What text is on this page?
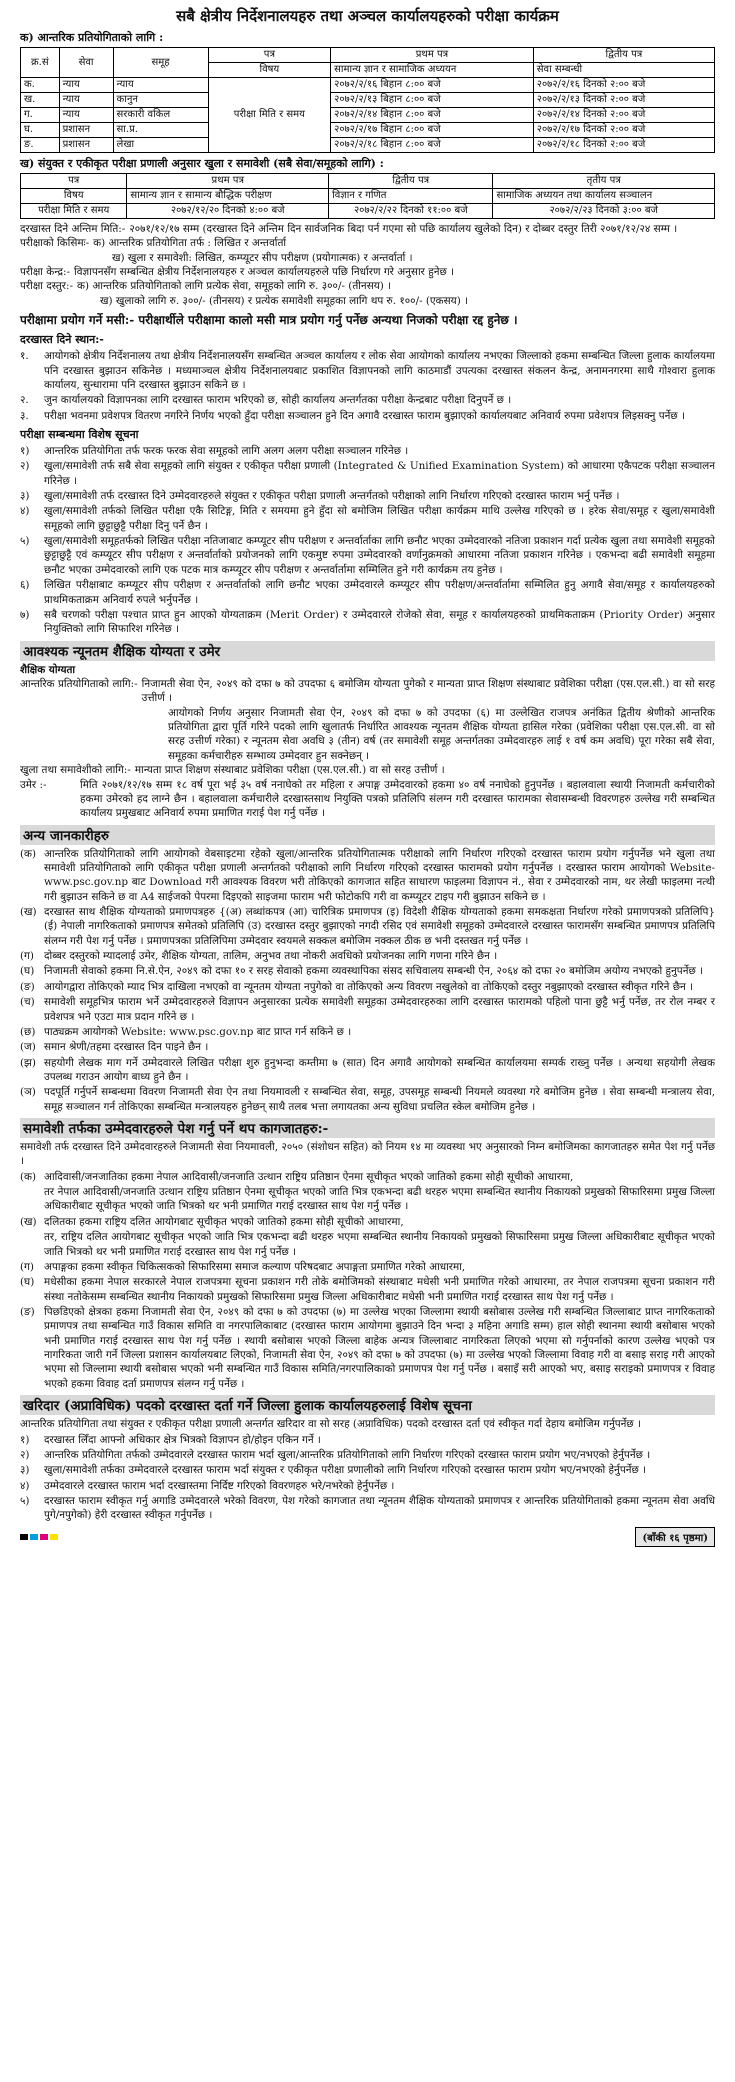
सबै क्षेत्रीय निर्देशनालयहरु तथा अञ्चल कार्यालयहरुको परीक्षा कार्यक्रम
क) आन्तरिक प्रतियोगिताको लागि :
क्र.सं	सेवा	समूह	पत्र	प्रथम पत्र	द्वितीय पत्र
			विषय	सामान्य ज्ञान र सामाजिक अध्ययन	सेवा सम्बन्धी
क.	न्याय	न्याय	परीक्षा मिति र समय	२०७२/२/१६ बिहान ८:०० बजे	२०७२/२/१६ दिनको २:०० बजे
ख.	न्याय	कानुन		२०७२/२/१३ बिहान ८:०० बजे	२०७२/२/१३ दिनको २:०० बजे
ग.	न्याय	सरकारी वकिल		२०७२/२/१४ बिहान ८:०० बजे	२०७२/२/१४ दिनको २:०० बजे
घ.	प्रशासन	सा.प्र.		२०७२/२/१७ बिहान ८:०० बजे	२०७२/२/१७ दिनको २:०० बजे
ङ.	प्रशासन	लेखा		२०७२/२/१८ बिहान ८:०० बजे	२०७२/२/१८ दिनको २:०० बजे
ख) संयुक्त र एकीकृत परीक्षा प्रणाली अनुसार खुला र समावेशी (सबै सेवा/समूहको लागि) :
पत्र	प्रथम पत्र	द्वितीय पत्र	तृतीय पत्र
विषय	सामान्य ज्ञान र सामान्य बौद्धिक परीक्षण	विज्ञान र गणित	सामाजिक अध्ययन तथा कार्यालय सञ्चालन
परीक्षा मिति र समय	२०७२/१२/२० दिनको ४:०० बजे	२०७२/२/२२ दिनको ११:०० बजे	२०७२/२/२३ दिनको ३:०० बजे
दरखास्त दिने अन्तिम मिति:- २०७१/१२/१७ सम्म (दरखास्त दिने अन्तिम दिन सार्वजनिक बिदा पर्न गएमा सो पछि कार्यालय खुलेको दिन) र दोब्बर दस्तुर तिरी २०७१/१२/२४ सम्म ।
परीक्षाको किसिमः- क) आन्तरिक प्रतियोगिता तर्फ : लिखित र अन्तर्वार्ता
ख) खुला र समावेशी: लिखित, कम्प्यूटर सीप परीक्षण (प्रयोगात्मक) र अन्तर्वार्ता ।
परीक्षा केन्द्र:- विज्ञापनसँग सम्बन्धित क्षेत्रीय निर्देशनालयहरु र अञ्चल कार्यालयहरुले पछि निर्धारण गरे अनुसार हुनेछ ।
परीक्षा दस्तुर:- क) आन्तरिक प्रतियोगिताको लागि प्रत्येक सेवा, समूहको लागि रु. ३००/- (तीनसय) ।
ख) खुलाको लागि रु. ३००/- (तीनसय) र प्रत्येक समावेशी समूहका लागि थप रु. १००/- (एकसय) ।
परीक्षामा प्रयोग गर्ने मसी:- परीक्षार्थीले परीक्षामा कालो मसी मात्र प्रयोग गर्नु पर्नेछ अन्यथा निजको परीक्षा रद्द हुनेछ ।
दरखास्त दिने स्थान:-
१.	आयोगको क्षेत्रीय निर्देशनालय तथा क्षेत्रीय निर्देशनालयसँग सम्बन्धित अञ्चल कार्यालय र लोक सेवा आयोगको कार्यालय नभएका जिल्लाको हकमा सम्बन्धित जिल्ला हुलाक कार्यालयमा पनि दरखास्त बुझाउन सकिनेछ । मध्यमाञ्चल क्षेत्रीय निर्देशनालयबाट प्रकाशित विज्ञापनको लागि काठमाडौं उपत्यका दरखास्त संकलन केन्द्र, अनामनगरमा साथै गोश्वारा हुलाक कार्यालय, सुन्धारामा पनि दरखास्त बुझाउन सकिने छ ।
२.	जुन कार्यालयको विज्ञापनका लागि दरखास्त फाराम भरिएको छ, सोही कार्यालय अन्तर्गतका परीक्षा केन्द्रबाट परीक्षा दिनुपर्ने छ ।
३.	परीक्षा भवनमा प्रवेशपत्र वितरण नगरिने निर्णय भएको हुँदा परीक्षा सञ्चालन हुने दिन अगावै दरखास्त फाराम बुझाएको कार्यालयबाट अनिवार्य रुपमा प्रवेशपत्र लिइसक्नु पर्नेछ ।
परीक्षा सम्बन्धमा विशेष सूचना
१)	आन्तरिक प्रतियोगिता तर्फ फरक फरक सेवा समूहको लागि अलग अलग परीक्षा सञ्चालन गरिनेछ ।
२)	खुला/समावेशी तर्फ सबै सेवा समूहको लागि संयुक्त र एकीकृत परीक्षा प्रणाली (Integrated & Unified Examination System) को आधारमा एकैपटक परीक्षा सञ्चालन गरिनेछ ।
३)	खुला/समावेशी तर्फ दरखास्त दिने उम्मेदवारहरुले संयुक्त र एकीकृत परीक्षा प्रणाली अन्तर्गतको परीक्षाको लागि निर्धारण गरिएको दरखास्त फाराम भर्नु पर्नेछ ।
४)	खुला/समावेशी तर्फको लिखित परीक्षा एकै सिटिङ्ग, मिति र समयमा हुने हुँदा सो बमोजिम लिखित परीक्षा कार्यक्रम माथि उल्लेख गरिएको छ । हरेक सेवा/समूह र खुला/समावेशी समूहको लागि छुट्टाछुट्टै परीक्षा दिनु पर्ने छैन ।
५)	खुला/समावेशी समूहतर्फको लिखित परीक्षा नतिजाबाट कम्प्यूटर सीप परीक्षण र अन्तर्वार्ताका लागि छनौट भएका उम्मेदवारको नतिजा प्रकाशन गर्दा प्रत्येक खुला तथा समावेशी समूहको छुट्टाछुट्टै एवं कम्प्यूटर सीप परीक्षण र अन्तर्वार्ताको प्रयोजनको लागि एकमुष्ट रुपमा उम्मेदवारको वर्णानुक्रमको आधारमा नतिजा प्रकाशन गरिनेछ । एकभन्दा बढी समावेशी समूहमा छनौट भएका उम्मेदवारको लागि एक पटक मात्र कम्प्यूटर सीप परीक्षण र अन्तर्वार्तामा सम्मिलित हुने गरी कार्यक्रम तय हुनेछ ।
६)	लिखित परीक्षाबाट कम्प्यूटर सीप परीक्षण र अन्तर्वार्ताको लागि छनौट भएका उम्मेदवारले कम्प्यूटर सीप परीक्षण/अन्तर्वार्तामा सम्मिलित हुनु अगावै सेवा/समूह र कार्यालयहरुको प्राथमिकताक्रम अनिवार्य रुपले भर्नुपर्नेछ ।
७)	सबै चरणको परीक्षा पश्चात प्राप्त हुन आएको योग्यताक्रम (Merit Order) र उम्मेदवारले रोजेको सेवा, समूह र कार्यालयहरुको प्राथमिकताक्रम (Priority Order) अनुसार नियुक्तिको लागि सिफारिश गरिनेछ ।
आवश्यक न्यूनतम शैक्षिक योग्यता र उमेर
शैक्षिक योग्यता
आन्तरिक प्रतियोगिताको लागि:- निजामती सेवा ऐन, २०४९ को दफा ७ को उपदफा ६ बमोजिम योग्यता पुगेको र मान्यता प्राप्त शिक्षण संस्थाबाट प्रवेशिका परीक्षा (एस.एल.सी.) वा सो सरह उत्तीर्ण ।
आयोगको निर्णय अनुसार निजामती सेवा ऐन, २०४९ को दफा ७ को उपदफा (६) मा उल्लेखित राजपत्र अनंकित द्वितीय श्रेणीको आन्तरिक प्रतियोगिता द्वारा पूर्ति गरिने पदको लागि खुलातर्फ निर्धारित आवश्यक न्यूनतम शैक्षिक योग्यता हासिल गरेका (प्रवेशिका परीक्षा एस.एल.सी. वा सो सरह उत्तीर्ण गरेका) र न्यूनतम सेवा अवधि ३ (तीन) वर्ष (तर समावेशी समूह अन्तर्गतका उम्मेदवारहरु लाई १ वर्ष कम अवधि) पूरा गरेका सबै सेवा, समूहका कर्मचारीहरु सम्भाव्य उम्मेदवार हुन सक्नेछन् ।
खुला तथा समावेशीको लागि:- मान्यता प्राप्त शिक्षण संस्थाबाट प्रवेशिका परीक्षा (एस.एल.सी.) वा सो सरह उत्तीर्ण ।
उमेर :-	मिति २०७१/१२/१७ सम्म १८ वर्ष पूरा भई ३५ वर्ष ननाघेको तर महिला र अपाङ्ग उम्मेदवारको हकमा ४० वर्ष ननाघेको हुनुपर्नेछ । बहालवाला स्थायी निजामती कर्मचारीको हकमा उमेरको हद लाग्ने छैन । बहालवाला कर्मचारीले दरखास्तसाथ नियुक्ति पत्रको प्रतिलिपि संलग्न गरी दरखास्त फारामका सेवासम्बन्धी विवरणहरु उल्लेख गरी सम्बन्धित कार्यालय प्रमुखबाट अनिवार्य रुपमा प्रमाणित गराई पेश गर्नु पर्नेछ ।
अन्य जानकारीहरु
(क) आन्तरिक प्रतियोगिताको लागि आयोगको वेबसाइटमा रहेको खुला/आन्तरिक प्रतियोगितात्मक परीक्षाको लागि निर्धारण गरिएको दरखास्त फाराम प्रयोग गर्नुपर्नेछ भने खुला तथा समावेशी प्रतियोगिताको लागि एकीकृत परीक्षा प्रणाली अन्तर्गतको परीक्षाको लागि निर्धारण गरिएको दरखास्त फारामको प्रयोग गर्नुपर्नेछ । दरखास्त फाराम आयोगको Website-www.psc.gov.np बाट Download गरी आवश्यक विवरण भरी तोकिएको कागजात सहित साधारण फाइलमा विज्ञापन नं., सेवा र उम्मेदवारको नाम, थर लेखी फाइलमा नत्थी गरी बुझाउन सकिने छ वा A4 साईजको पेपरमा दिइएको साइजमा फाराम भरी फोटोकपि गरी वा कम्प्यूटर टाइप गरी बुझाउन सकिने छ ।
(ख) दरखास्त साथ शैक्षिक योग्यताको प्रमाणपत्रहरु {(अ) लब्धांकपत्र (आ) चारित्रिक प्रमाणपत्र (इ) विदेशी शैक्षिक योग्यताको हकमा समकक्षता निर्धारण गरेको प्रमाणपत्रको प्रतिलिपि} (ई) नेपाली नागरिकताको प्रमाणपत्र समेतको प्रतिलिपि (उ) दरखास्त दस्तुर बुझाएको नगदी रसिद एवं समावेशी समूहको उम्मेदवारले दरखास्त फारामसँग सम्बन्धित प्रमाणपत्र प्रतिलिपि संलग्न गरी पेश गर्नु पर्नेछ । प्रमाणपत्रका प्रतिलिपिमा उम्मेदवार स्वयमले सक्कल बमोजिम नक्कल ठीक छ भनी दस्तखत गर्नु पर्नेछ ।
(ग) दोब्बर दस्तुरको म्यादलाई उमेर, शैक्षिक योग्यता, तालिम, अनुभव तथा नोकरी अवधिको प्रयोजनका लागि गणना गरिने छैन ।
(घ) निजामती सेवाको हकमा नि.से.ऐन, २०४९ को दफा १० र सरह सेवाको हकमा व्यवस्थापिका संसद सचिवालय सम्बन्धी ऐन, २०६४ को दफा २० बमोजिम अयोग्य नभएको हुनुपर्नेछ ।
(ङ) आयोगद्वारा तोकिएको म्याद भित्र दाखिला नभएको वा न्यूनतम योग्यता नपुगेको वा तोकिएको अन्य विवरण नखुलेको वा तोकिएको दस्तुर नबुझाएको दरखास्त स्वीकृत गरिने छैन ।
(च) समावेशी समूहभित्र फाराम भर्ने उम्मेदवारहरुले विज्ञापन अनुसारका प्रत्येक समावेशी समूहका उम्मेदवारहरुका लागि दरखास्त फारामको पहिलो पाना छुट्टै भर्नु पर्नेछ, तर रोल नम्बर र प्रवेशपत्र भने एउटा मात्र प्रदान गरिने छ ।
(छ) पाठ्यक्रम आयोगको Website: www.psc.gov.np बाट प्राप्त गर्न सकिने छ ।
(ज) समान श्रेणी/तहमा दरखास्त दिन पाइने छैन ।
(झ) सहयोगी लेखक माग गर्ने उम्मेदवारले लिखित परीक्षा शुरु हुनुभन्दा कम्तीमा ७ (सात) दिन अगावै आयोगको सम्बन्धित कार्यालयमा सम्पर्क राख्नु पर्नेछ । अन्यथा सहयोगी लेखक उपलब्ध गराउन आयोग बाध्य हुने छैन ।
(ञ) पदपूर्ति गर्नुपर्ने सम्बन्धमा विवरण निजामती सेवा ऐन तथा नियमावली र सम्बन्धित सेवा, समूह, उपसमूह सम्बन्धी नियमले व्यवस्था गरे बमोजिम हुनेछ । सेवा सम्बन्धी मन्त्रालय सेवा, समूह सञ्चालन गर्न तोकिएका सम्बन्धित मन्त्रालयहरु हुनेछन् साथै तलब भत्ता लगायतका अन्य सुविधा प्रचलित स्केल बमोजिम हुनेछ ।
समावेशी तर्फका उम्मेदवारहरुले पेश गर्नु पर्ने थप कागजातहरु:-
समावेशी तर्फ दरखास्त दिने उम्मेदवारहरुले निजामती सेवा नियमावली, २०५० (संशोधन सहित) को नियम १४ मा व्यवस्था भए अनुसारको निम्न बमोजिमका कागजातहरु समेत पेश गर्नु पर्नेछ ।
(क) आदिवासी/जनजातिका हकमा नेपाल आदिवासी/जनजाति उत्थान राष्ट्रिय प्रतिष्ठान ऐनमा सूचीकृत भएको जातिको हकमा सोही सूचीको आधारमा,
तर नेपाल आदिवासी/जनजाति उत्थान राष्ट्रिय प्रतिष्ठान ऐनमा सूचीकृत भएको जाति भित्र एकभन्दा बढी थरहरु भएमा सम्बन्धित स्थानीय निकायको प्रमुखको सिफारिसमा प्रमुख जिल्ला अधिकारीबाट सूचीकृत भएको जाति भित्रको थर भनी प्रमाणित गराई दरखास्त साथ पेश गर्नु पर्नेछ ।
(ख) दलितका हकमा राष्ट्रिय दलित आयोगबाट सूचीकृत भएको जातिको हकमा सोही सूचीको आधारमा,
तर, राष्ट्रिय दलित आयोगबाट सूचीकृत भएको जाति भित्र एकभन्दा बढी थरहरु भएमा सम्बन्धित स्थानीय निकायको प्रमुखको सिफारिसमा प्रमुख जिल्ला अधिकारीबाट सूचीकृत भएको जाति भित्रको थर भनी प्रमाणित गराई दरखास्त साथ पेश गर्नु पर्नेछ ।
(ग) अपाङ्गका हकमा स्वीकृत चिकित्सकको सिफारिसमा समाज कल्याण परिषदबाट अपाङ्गता प्रमाणित गरेको आधारमा,
(घ) मधेसीका हकमा नेपाल सरकारले नेपाल राजपत्रमा सूचना प्रकाशन गरी तोके बमोजिमको संस्थाबाट मधेसी भनी प्रमाणित गरेको आधारमा, तर नेपाल राजपत्रमा सूचना प्रकाशन गरी संस्था नतोकेसम्म सम्बन्धित स्थानीय निकायको प्रमुखको सिफारिसमा प्रमुख जिल्ला अधिकारीबाट मधेसी भनी प्रमाणित गराई दरखास्त साथ पेश गर्नु पर्नेछ ।
(ङ) पिछडिएको क्षेत्रका हकमा निजामती सेवा ऐन, २०४९ को दफा ७ को उपदफा (७) मा उल्लेख भएका जिल्लामा स्थायी बसोबास उल्लेख गरी सम्बन्धित जिल्लाबाट प्राप्त नागरिकताको प्रमाणपत्र तथा सम्बन्धित गाउँ विकास समिति वा नगरपालिकाबाट (दरखास्त फाराम आयोगमा बुझाउने दिन भन्दा ३ महिना अगाडि सम्म) हाल सोही स्थानमा स्थायी बसोबास भएको भनी प्रमाणित गराई दरखास्त साथ पेश गर्नु पर्नेछ । स्थायी बसोबास भएको जिल्ला बाहेक अन्यत्र जिल्लाबाट नागरिकता लिएको भएमा सो गर्नुपर्नाको कारण उल्लेख भएको पत्र नागरिकता जारी गर्ने जिल्ला प्रशासन कार्यालयबाट लिएको, निजामती सेवा ऐन, २०४९ को दफा ७ को उपदफा (७) मा उल्लेख भएको जिल्लामा विवाह गरी वा बसाइ सराइ गरी आएको भएमा सो जिल्लामा स्थायी बसोबास भएको भनी सम्बन्धित गाउँ विकास समिति/नगरपालिकाको प्रमाणपत्र पेश गर्नु पर्नेछ । बसाइँ सरी आएको भए, बसाइ सराइको प्रमाणपत्र र विवाह भएको हकमा विवाह दर्ता प्रमाणपत्र संलग्न गर्नु पर्नेछ ।
खरिदार (अप्राविधिक) पदको दरखास्त दर्ता गर्ने जिल्ला हुलाक कार्यालयहरुलाई विशेष सूचना
आन्तरिक प्रतियोगिता तथा संयुक्त र एकीकृत परीक्षा प्रणाली अन्तर्गत खरिदार वा सो सरह (अप्राविधिक) पदको दरखास्त दर्ता एवं स्वीकृत गर्दा देहाय बमोजिम गर्नुपर्नेछ ।
१)	दरखास्त लिँदा आफ्नो अधिकार क्षेत्र भित्रको विज्ञापन हो/होइन एकिन गर्ने ।
२)	आन्तरिक प्रतियोगिता तर्फको उम्मेदवारले दरखास्त फाराम भर्दा खुला/आन्तरिक प्रतियोगिताको लागि निर्धारण गरिएको दरखास्त फाराम प्रयोग भए/नभएको हेर्नुपर्नेछ ।
३)	खुला/समावेशी तर्फका उम्मेदवारले दरखास्त फाराम भर्दा संयुक्त र एकीकृत परीक्षा प्रणालीको लागि निर्धारण गरिएको दरखास्त फाराम प्रयोग भए/नभएको हेर्नुपर्नेछ ।
४)	उम्मेदवारले दरखास्त फाराम भर्दा दरखास्तमा निर्दिष्ट गरिएको विवरणहरु भरे/नभरेको हेर्नुपर्नेछ ।
५)	दरखास्त फाराम स्वीकृत गर्नु अगाडि उम्मेदवारले भरेको विवरण, पेश गरेको कागजात तथा न्यूनतम शैक्षिक योग्यताको प्रमाणपत्र र आन्तरिक प्रतियोगिताको हकमा न्यूनतम सेवा अवधि पुगे/नपुगेको) हेरी दरखास्त स्वीकृत गर्नुपर्नेछ ।
(बाँकी १६ पृष्ठमा)
